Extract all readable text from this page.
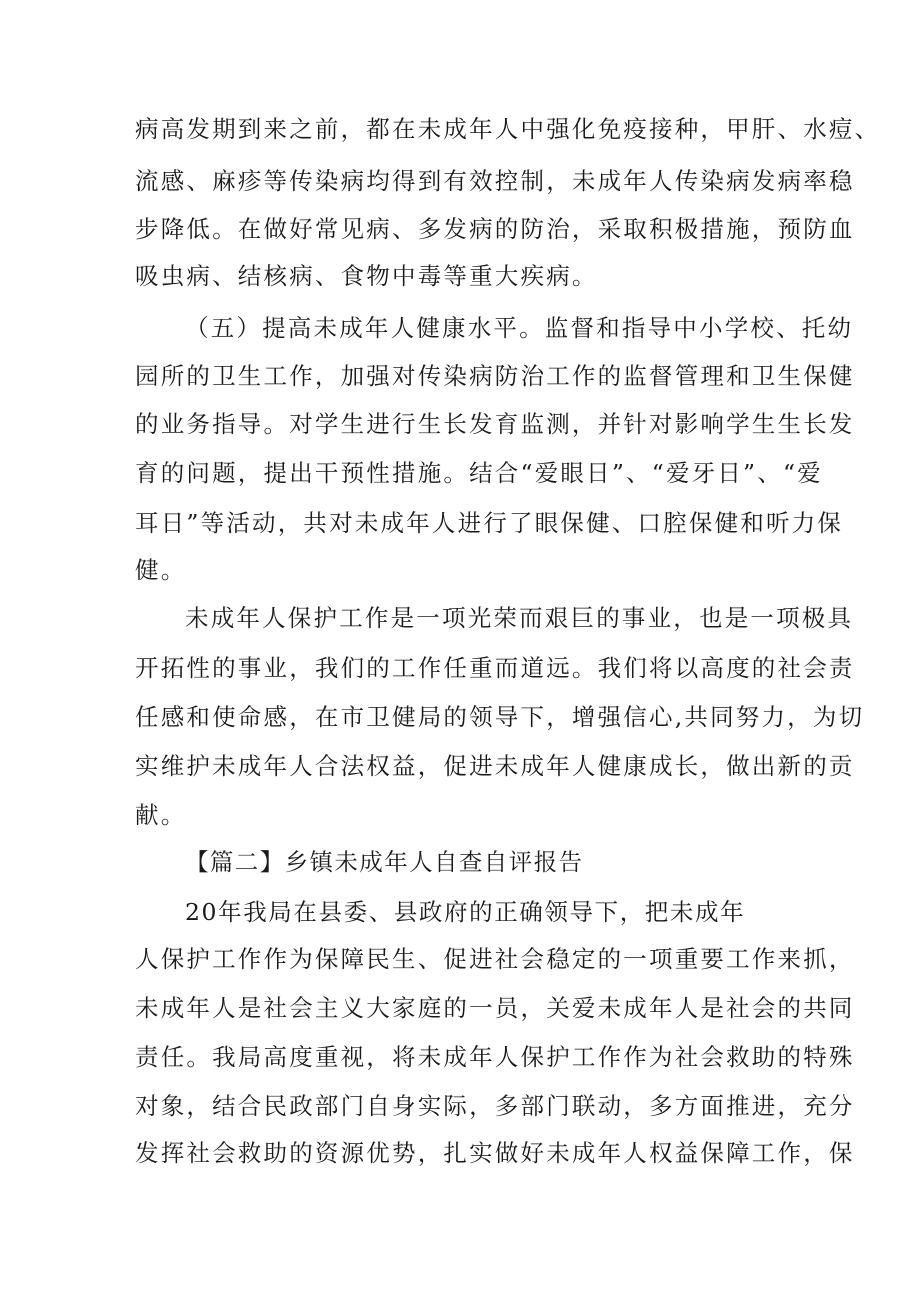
病高发期到来之前，都在未成年人中强化免疫接种，甲肝、水痘、
流感、麻疹等传染病均得到有效控制，未成年人传染病发病率稳
步降低。在做好常见病、多发病的防治，采取积极措施，预防血
吸虫病、结核病、食物中毒等重大疾病。
（五）提高未成年人健康水平。监督和指导中小学校、托幼
园所的卫生工作，加强对传染病防治工作的监督管理和卫生保健
的业务指导。对学生进行生长发育监测，并针对影响学生生长发
育的问题，提出干预性措施。结合“爱眼日”、“爱牙日”、“爱
耳日”等活动，共对未成年人进行了眼保健、口腔保健和听力保
健。
未成年人保护工作是一项光荣而艰巨的事业，也是一项极具
开拓性的事业，我们的工作任重而道远。我们将以高度的社会责
任感和使命感，在市卫健局的领导下，增强信心,共同努力，为切
实维护未成年人合法权益，促进未成年人健康成长，做出新的贡
献。
【篇二】乡镇未成年人自查自评报告
20年我局在县委、县政府的正确领导下，把未成年
人保护工作作为保障民生、促进社会稳定的一项重要工作来抓，
未成年人是社会主义大家庭的一员，关爱未成年人是社会的共同
责任。我局高度重视，将未成年人保护工作作为社会救助的特殊
对象，结合民政部门自身实际，多部门联动，多方面推进，充分
发挥社会救助的资源优势，扎实做好未成年人权益保障工作，保
